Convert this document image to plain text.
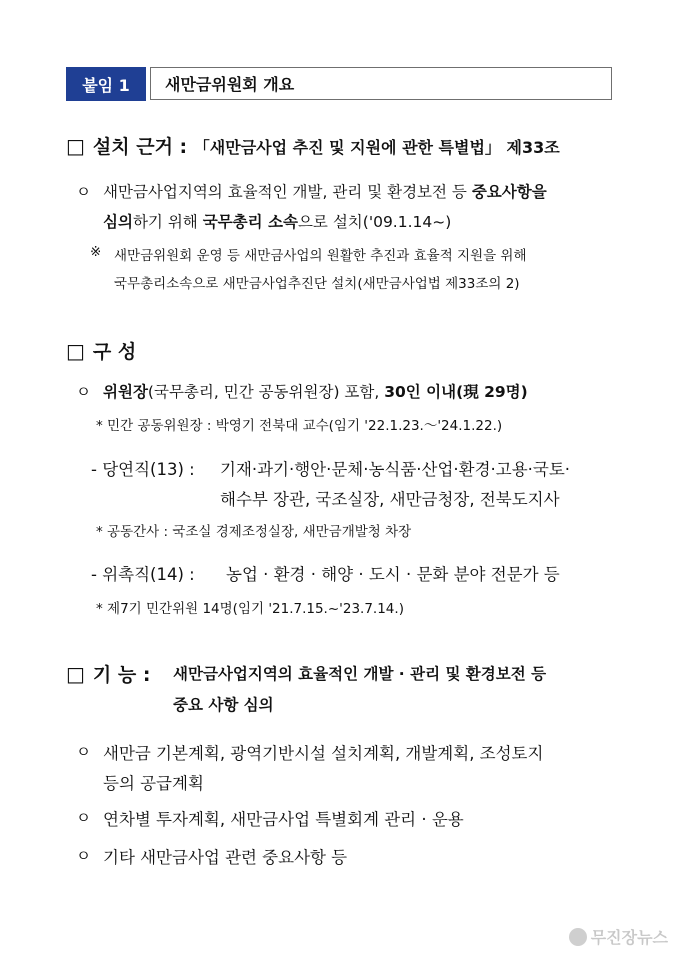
붙임 1 새만금위원회 개요
□ 설치 근거 : 「새만금사업 추진 및 지원에 관한 특별법」 제33조
ㅇ 새만금사업지역의 효율적인 개발, 관리 및 환경보전 등 중요사항을
심의하기 위해 국무총리 소속으로 설치('09.1.14~)
※ 새만금위원회 운영 등 새만금사업의 원활한 추진과 효율적 지원을 위해
국무총리소속으로 새만금사업추진단 설치(새만금사업법 제33조의 2)
□ 구 성
ㅇ 위원장(국무총리, 민간 공동위원장) 포함, 30인 이내(現 29명)
* 민간 공동위원장 : 박영기 전북대 교수(임기 '22.1.23.～'24.1.22.)
- 당연직(13) : 기재·과기·행안·문체·농식품·산업·환경·고용·국토·
해수부 장관, 국조실장, 새만금청장, 전북도지사
* 공동간사 : 국조실 경제조정실장, 새만금개발청 차장
- 위촉직(14) : 농업 · 환경 · 해양 · 도시 · 문화 분야 전문가 등
* 제7기 민간위원 14명(임기 '21.7.15.~'23.7.14.)
□ 기 능 : 새만금사업지역의 효율적인 개발 · 관리 및 환경보전 등
중요 사항 심의
ㅇ 새만금 기본계획, 광역기반시설 설치계획, 개발계획, 조성토지
등의 공급계획
ㅇ 연차별 투자계획, 새만금사업 특별회계 관리 · 운용
ㅇ 기타 새만금사업 관련 중요사항 등
무진장뉴스
